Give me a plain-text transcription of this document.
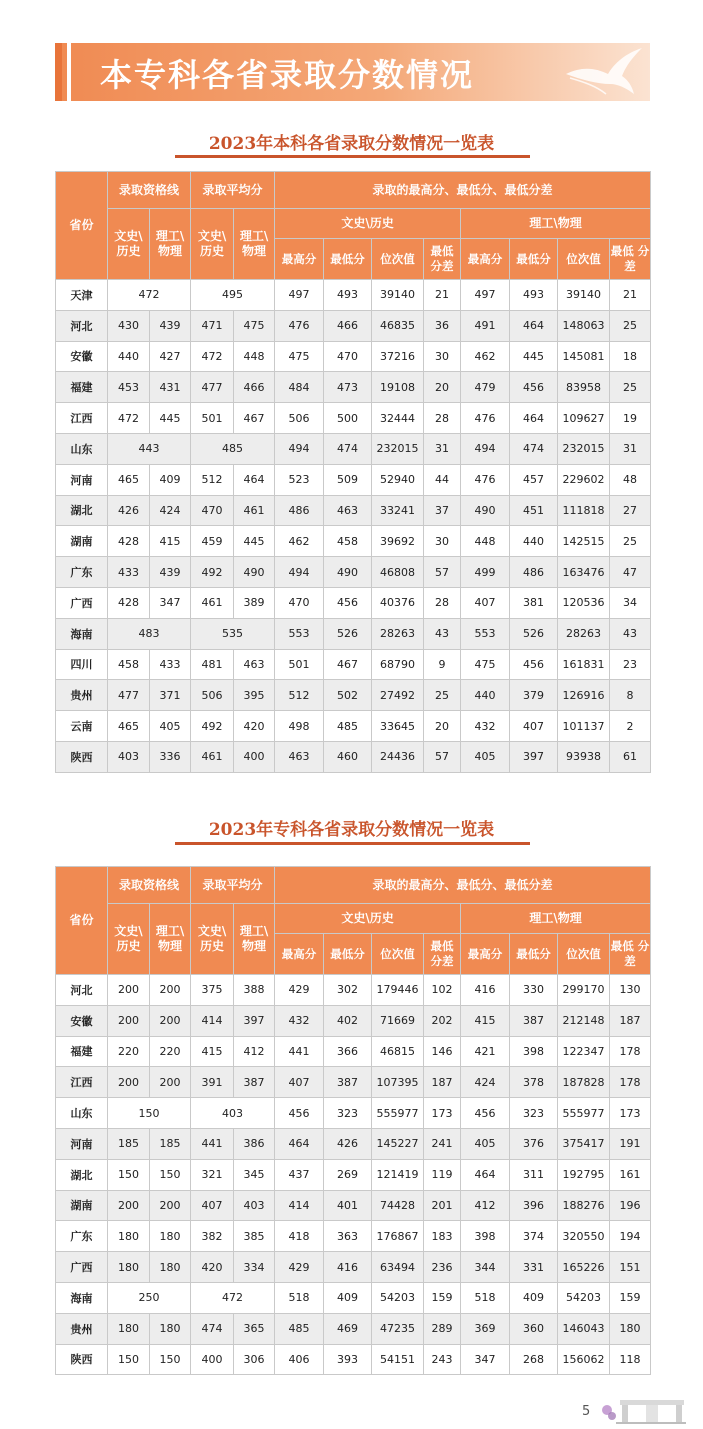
本专科各省录取分数情况
2023年本科各省录取分数情况一览表
省份	录取资格线		录取平均分		录取的最高分、最低分、最低分差							
	文史\ 历史	理工\ 物理	文史\ 历史	理工\ 物理	文史\历史				理工\物理			
					最高分	最低分	位次值	最低 分差	最高分	最低分	位次值	最低 分差
天津	472		495		497	493	39140	21	497	493	39140	21
河北	430	439	471	475	476	466	46835	36	491	464	148063	25
安徽	440	427	472	448	475	470	37216	30	462	445	145081	18
福建	453	431	477	466	484	473	19108	20	479	456	83958	25
江西	472	445	501	467	506	500	32444	28	476	464	109627	19
山东	443		485		494	474	232015	31	494	474	232015	31
河南	465	409	512	464	523	509	52940	44	476	457	229602	48
湖北	426	424	470	461	486	463	33241	37	490	451	111818	27
湖南	428	415	459	445	462	458	39692	30	448	440	142515	25
广东	433	439	492	490	494	490	46808	57	499	486	163476	47
广西	428	347	461	389	470	456	40376	28	407	381	120536	34
海南	483		535		553	526	28263	43	553	526	28263	43
四川	458	433	481	463	501	467	68790	9	475	456	161831	23
贵州	477	371	506	395	512	502	27492	25	440	379	126916	8
云南	465	405	492	420	498	485	33645	20	432	407	101137	2
陕西	403	336	461	400	463	460	24436	57	405	397	93938	61
2023年专科各省录取分数情况一览表
省份	录取资格线		录取平均分		录取的最高分、最低分、最低分差							
	文史\ 历史	理工\ 物理	文史\ 历史	理工\ 物理	文史\历史				理工\物理			
					最高分	最低分	位次值	最低 分差	最高分	最低分	位次值	最低 分差
河北	200	200	375	388	429	302	179446	102	416	330	299170	130
安徽	200	200	414	397	432	402	71669	202	415	387	212148	187
福建	220	220	415	412	441	366	46815	146	421	398	122347	178
江西	200	200	391	387	407	387	107395	187	424	378	187828	178
山东	150		403		456	323	555977	173	456	323	555977	173
河南	185	185	441	386	464	426	145227	241	405	376	375417	191
湖北	150	150	321	345	437	269	121419	119	464	311	192795	161
湖南	200	200	407	403	414	401	74428	201	412	396	188276	196
广东	180	180	382	385	418	363	176867	183	398	374	320550	194
广西	180	180	420	334	429	416	63494	236	344	331	165226	151
海南	250		472		518	409	54203	159	518	409	54203	159
贵州	180	180	474	365	485	469	47235	289	369	360	146043	180
陕西	150	150	400	306	406	393	54151	243	347	268	156062	118
5
